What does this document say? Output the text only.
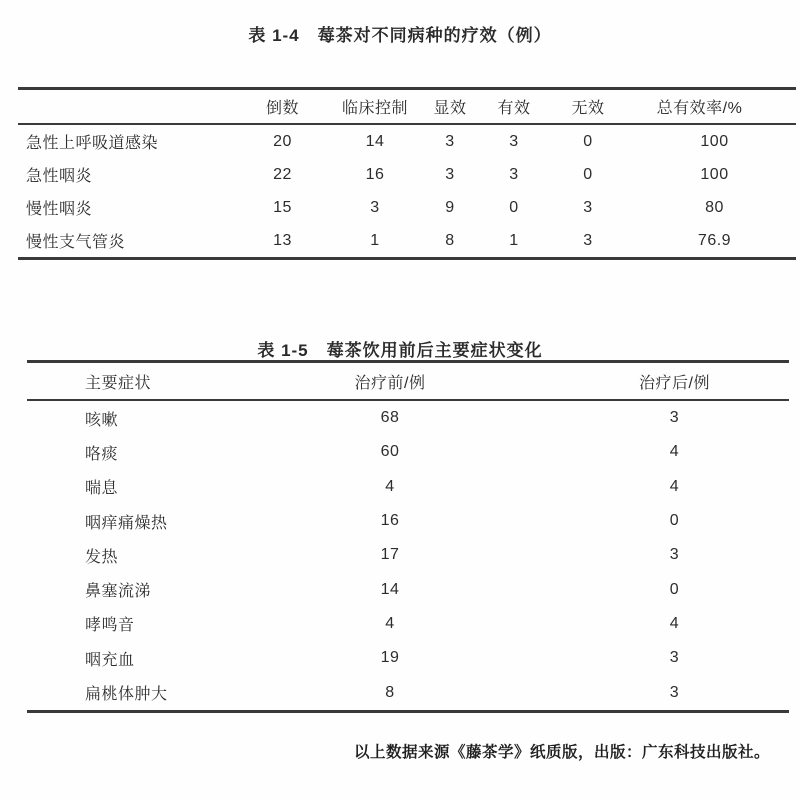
表 1-4　莓茶对不同病种的疗效（例）
	倒数	临床控制	显效	有效	无效	总有效率/%
急性上呼吸道感染	20	14	3	3	0	100
急性咽炎	22	16	3	3	0	100
慢性咽炎	15	3	9	0	3	80
慢性支气管炎	13	1	8	1	3	76.9
表 1-5　莓茶饮用前后主要症状变化
主要症状	治疗前/例	治疗后/例
咳嗽	68	3
咯痰	60	4
喘息	4	4
咽痒痛燥热	16	0
发热	17	3
鼻塞流涕	14	0
哮鸣音	4	4
咽充血	19	3
扁桃体肿大	8	3
以上数据来源《藤茶学》纸质版，出版：广东科技出版社。
